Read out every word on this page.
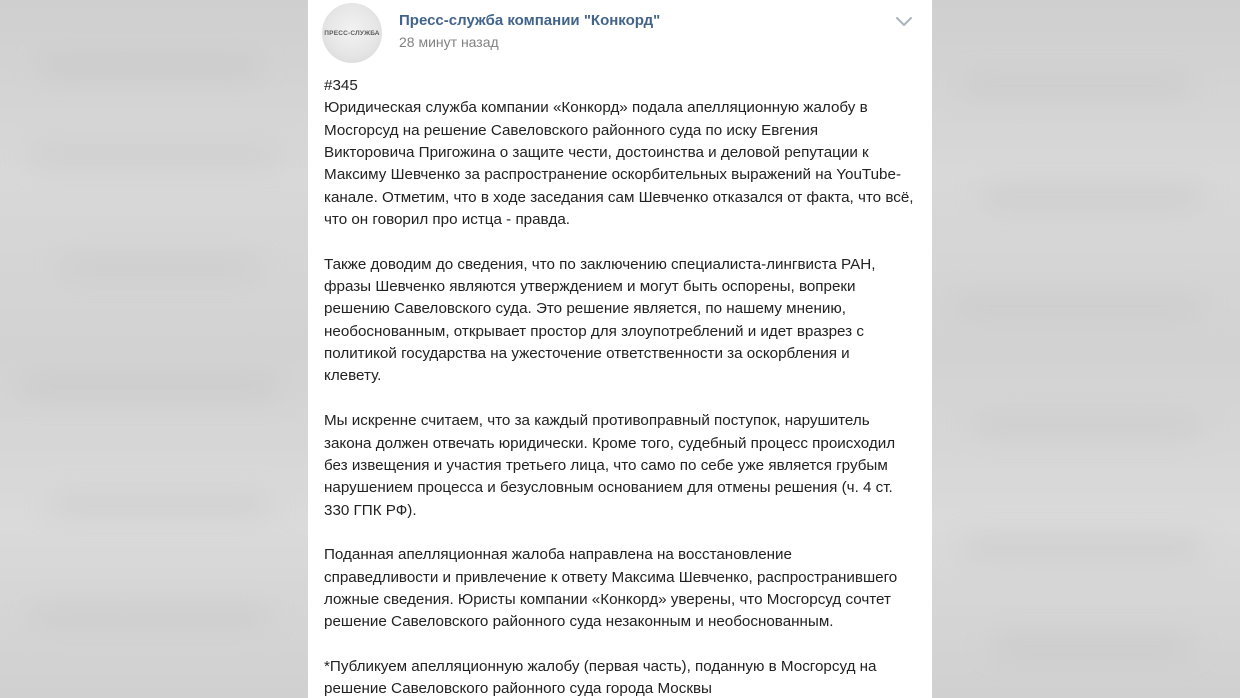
ПРЕСС-СЛУЖБА
Пресс-служба компании "Конкорд"
28 минут назад

#345

Юридическая служба компании «Конкорд» подала апелляционную жалобу в
Мосгорсуд на решение Савеловского районного суда по иску Евгения
Викторовича Пригожина о защите чести, достоинства и деловой репутации к
Максиму Шевченко за распространение оскорбительных выражений на YouTube-
канале. Отметим, что в ходе заседания сам Шевченко отказался от факта, что всё,
что он говорил про истца - правда.

Также доводим до сведения, что по заключению специалиста-лингвиста РАН,
фразы Шевченко являются утверждением и могут быть оспорены, вопреки
решению Савеловского суда. Это решение является, по нашему мнению,
необоснованным, открывает простор для злоупотреблений и идет вразрез с
политикой государства на ужесточение ответственности за оскорбления и
клевету.

Мы искренне считаем, что за каждый противоправный поступок, нарушитель
закона должен отвечать юридически. Кроме того, судебный процесс происходил
без извещения и участия третьего лица, что само по себе уже является грубым
нарушением процесса и безусловным основанием для отмены решения (ч. 4 ст.
330 ГПК РФ).

Поданная апелляционная жалоба направлена на восстановление
справедливости и привлечение к ответу Максима Шевченко, распространившего
ложные сведения. Юристы компании «Конкорд» уверены, что Мосгорсуд сочтет
решение Савеловского районного суда незаконным и необоснованным.

*Публикуем апелляционную жалобу (первая часть), поданную в Мосгорсуд на
решение Савеловского районного суда города Москвы
